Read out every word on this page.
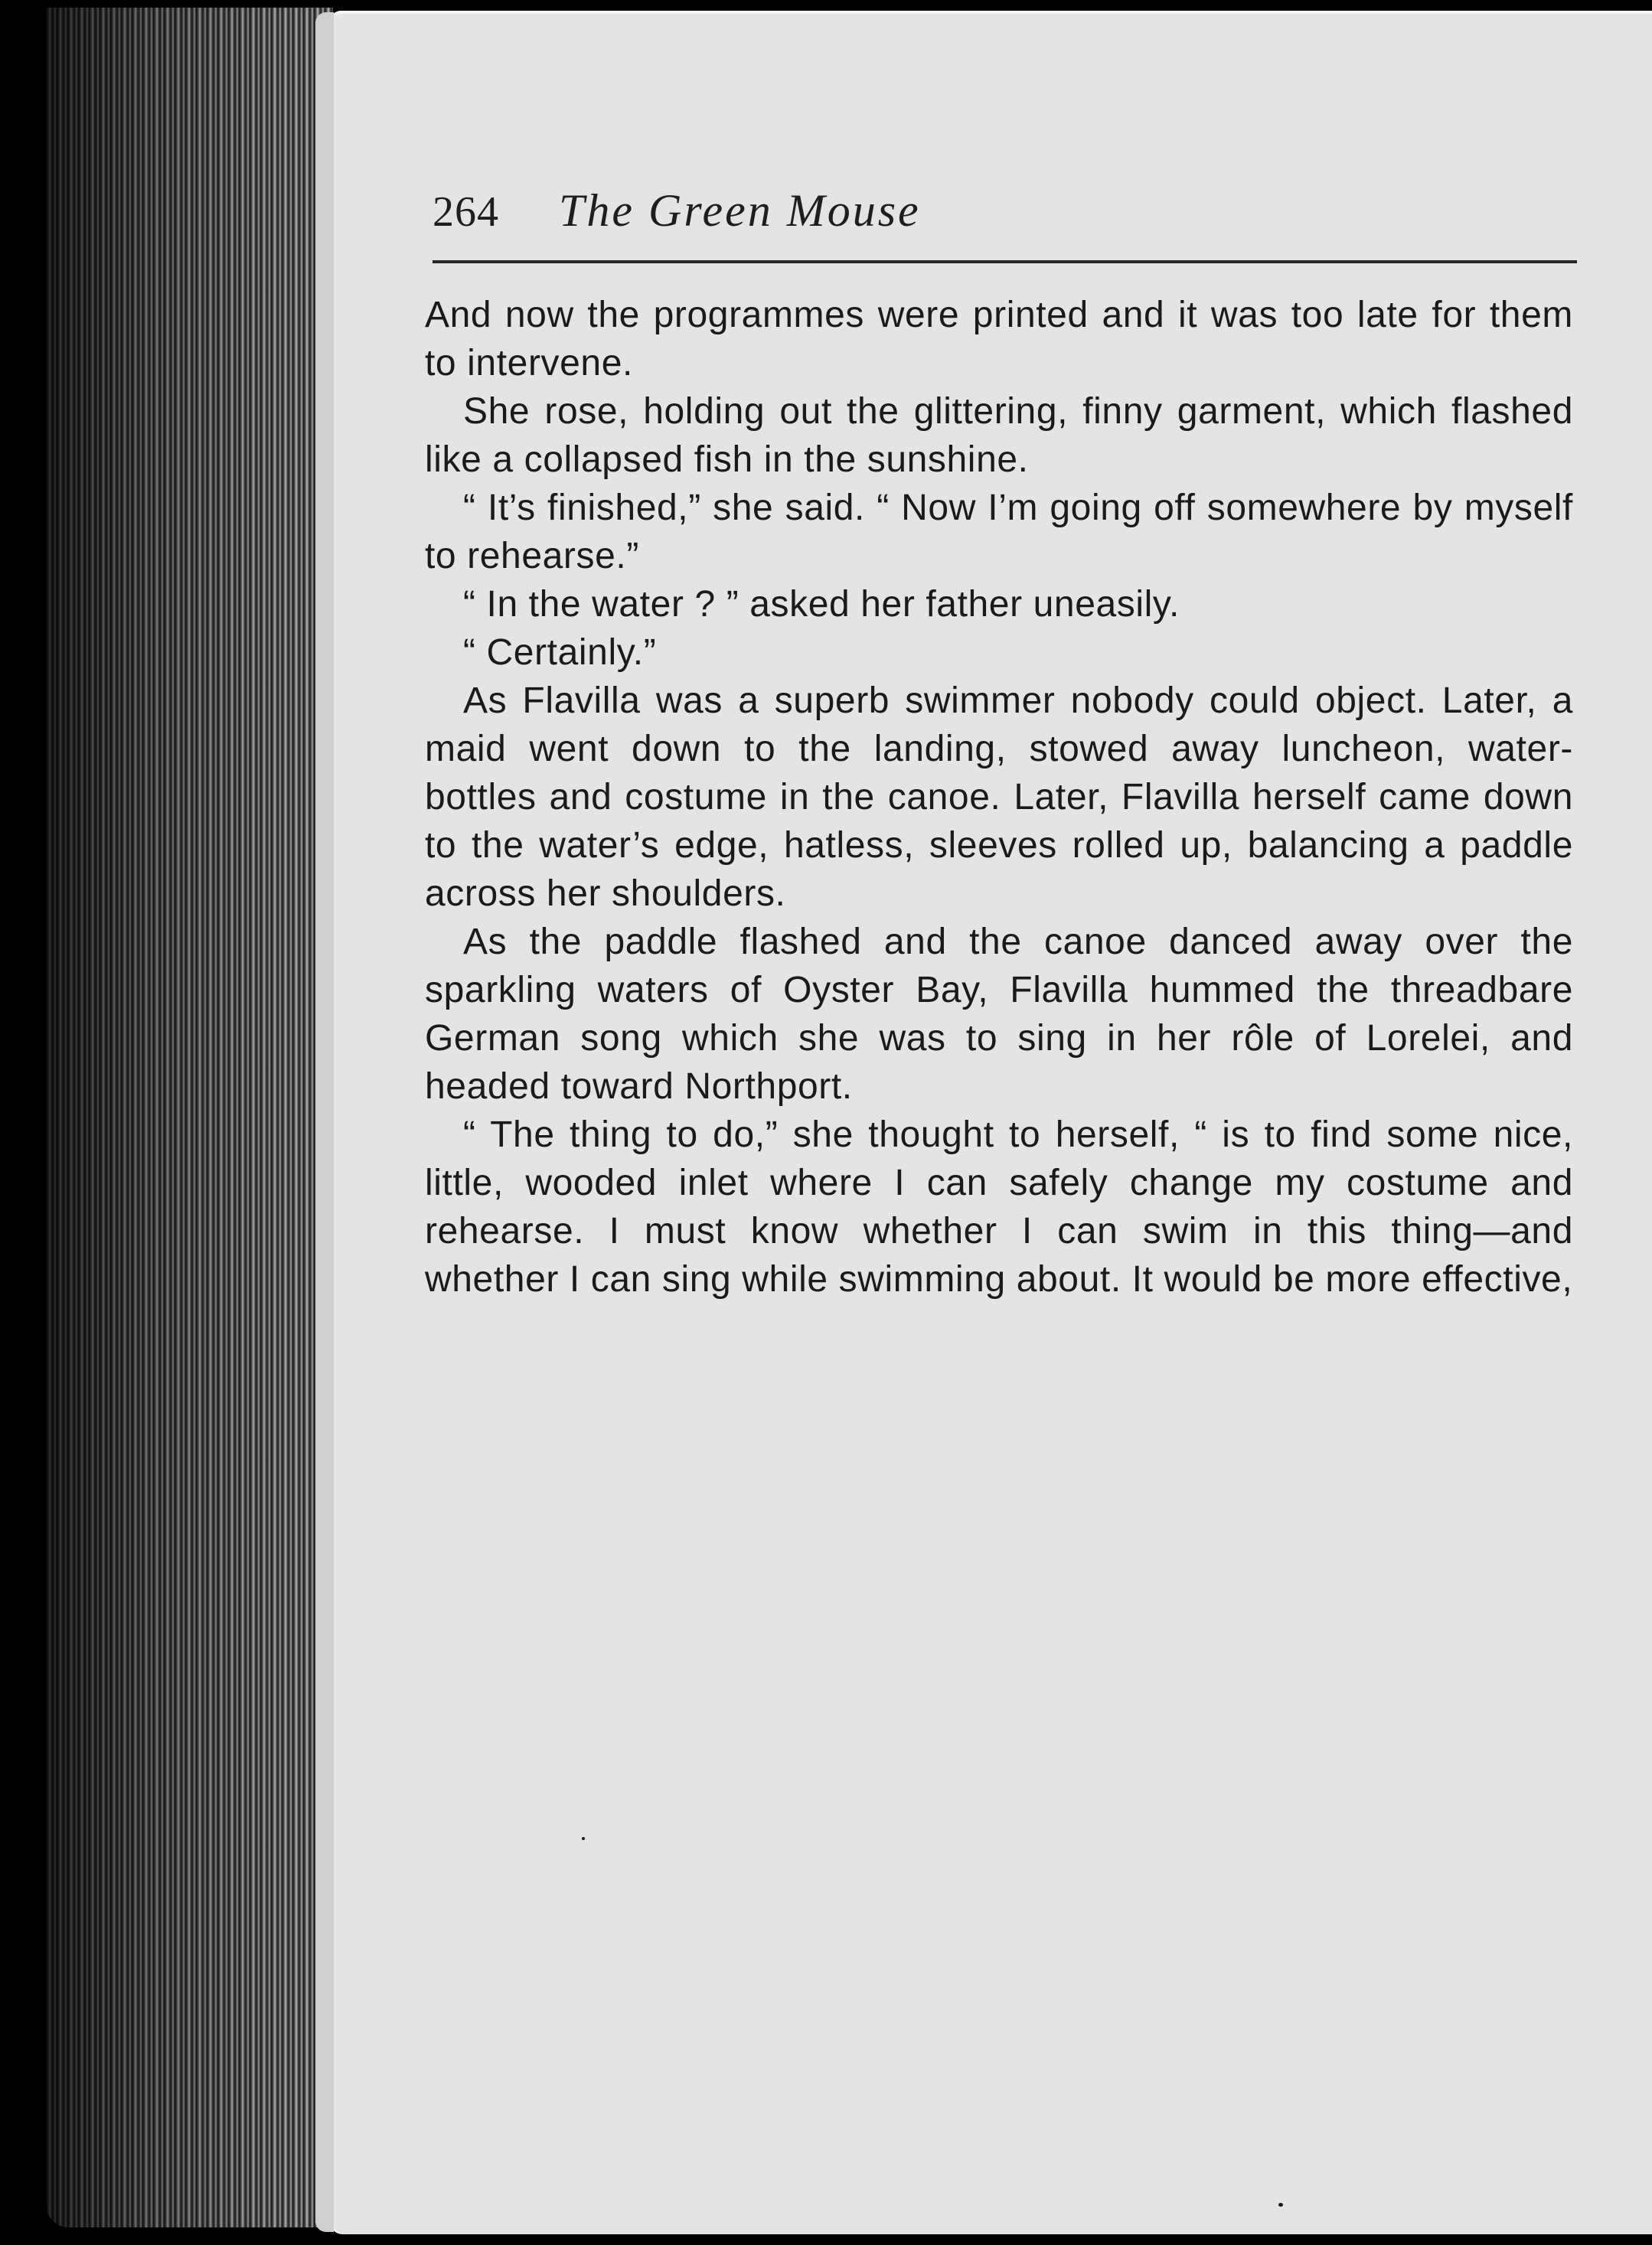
264 The Green Mouse

And now the programmes were printed and it was too late for them to intervene.

She rose, holding out the glittering, finny garment, which flashed like a collapsed fish in the sunshine.

“ It’s finished,” she said. “ Now I’m going off somewhere by myself to rehearse.”

“ In the water ? ” asked her father uneasily.

“ Certainly.”

As Flavilla was a superb swimmer nobody could object. Later, a maid went down to the landing, stowed away luncheon, water-bottles and costume in the canoe. Later, Flavilla herself came down to the water’s edge, hatless, sleeves rolled up, balancing a paddle across her shoulders.

As the paddle flashed and the canoe danced away over the sparkling waters of Oyster Bay, Flavilla hummed the threadbare German song which she was to sing in her rôle of Lorelei, and headed toward Northport.

“ The thing to do,” she thought to herself, “ is to find some nice, little, wooded inlet where I can safely change my costume and rehearse. I must know whether I can swim in this thing—and whether I can sing while swimming about. It would be more effective,
